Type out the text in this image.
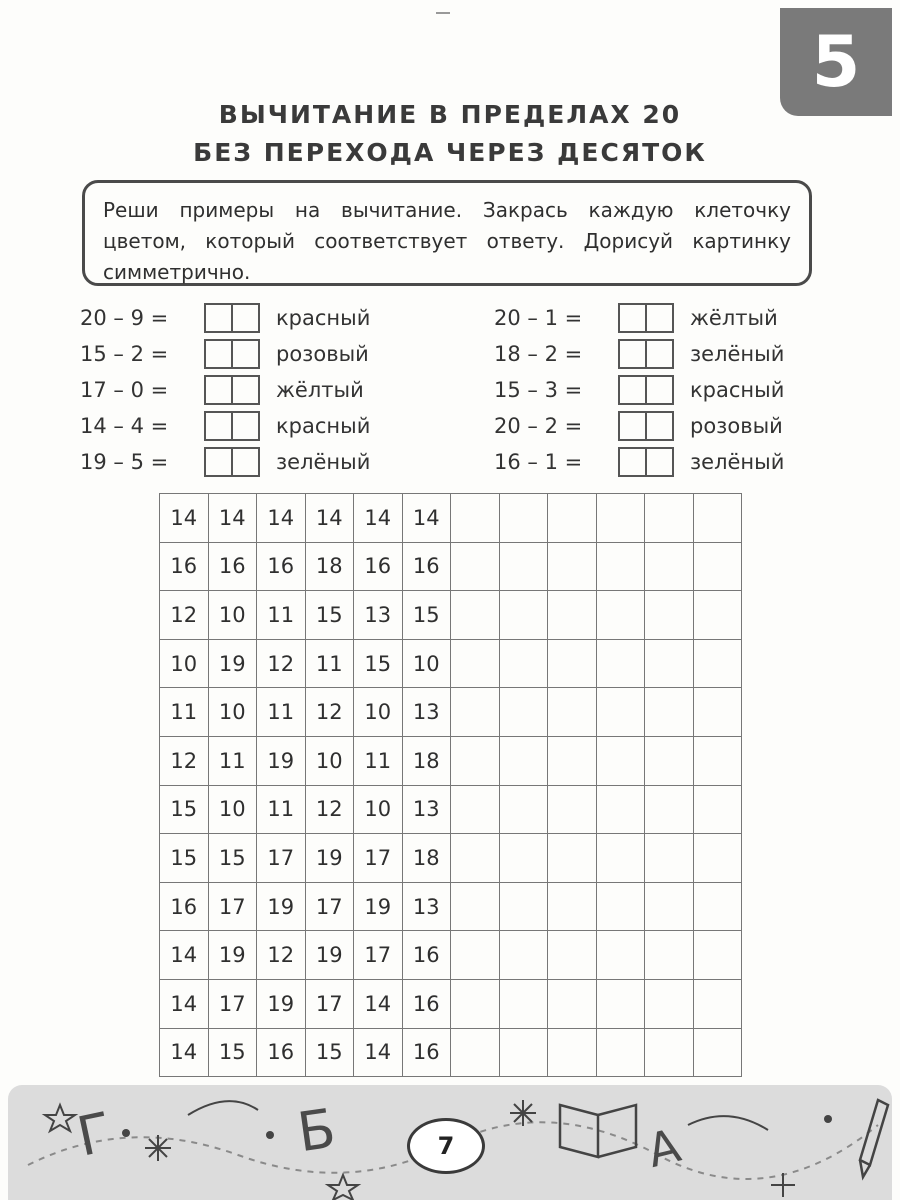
5
ВЫЧИТАНИЕ В ПРЕДЕЛАХ 20
БЕЗ ПЕРЕХОДА ЧЕРЕЗ ДЕСЯТОК

Реши примеры на вычитание. Закрась каждую клеточку цветом, который соответствует ответу. Дорисуй картинку симметрично.

20 – 9 =	красный
15 – 2 =	розовый
17 – 0 =	жёлтый
14 – 4 =	красный
19 – 5 =	зелёный
20 – 1 =	жёлтый
18 – 2 =	зелёный
15 – 3 =	красный
20 – 2 =	розовый
16 – 1 =	зелёный
14	14	14	14	14	14						
16	16	16	18	16	16						
12	10	11	15	13	15						
10	19	12	11	15	10						
11	10	11	12	10	13						
12	11	19	10	11	18						
15	10	11	12	10	13						
15	15	17	19	17	18						
16	17	19	17	19	13						
14	19	12	19	17	16						
14	17	19	17	14	16						
14	15	16	15	14	16						
Г	Б	А
7
